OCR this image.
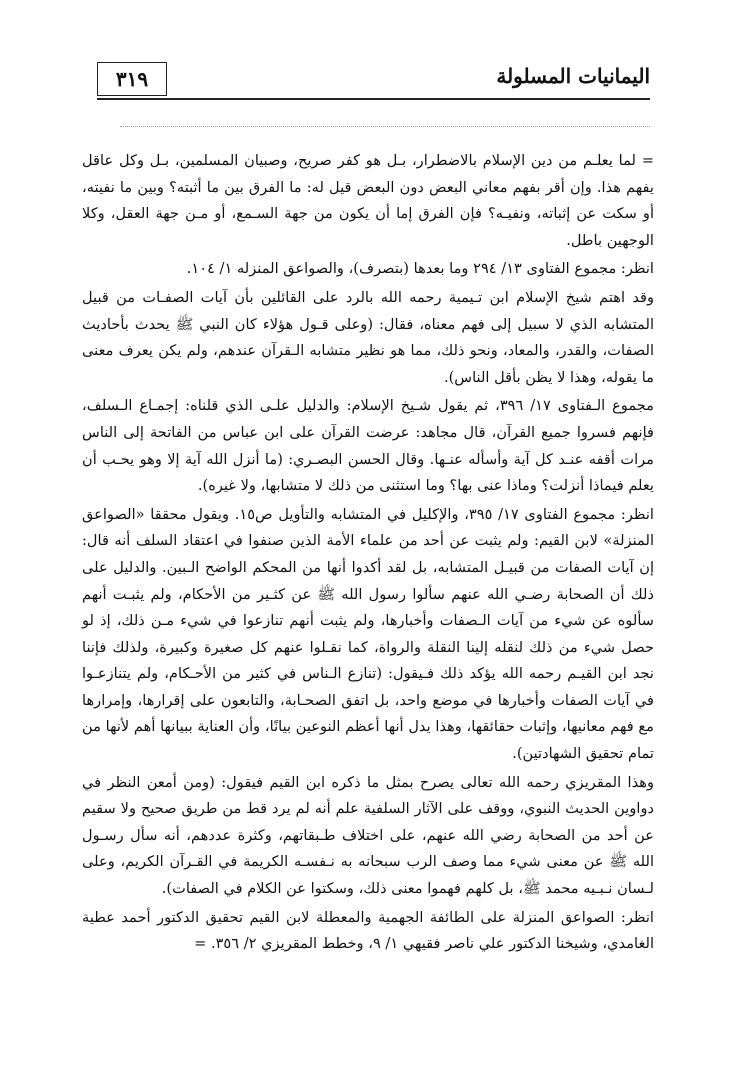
٣١٩	اليمانيات المسلولة

= لما يعلـم من دين الإسلام بالاضطرار، بـل هو كفر صريح، وصبيان المسلمين، بـل وكل عاقل يفهم هذا. وإن أقر بفهم معاني البعض دون البعض قيل له: ما الفرق بين ما أثبته؟ وبين ما نفيته، أو سكت عن إثباته، ونفيـه؟ فإن الفرق إما أن يكون من جهة السـمع، أو مـن جهة العقل، وكلا الوجهين باطل.

انظر: مجموع الفتاوى ١٣/ ٢٩٤ وما بعدها (بتصرف)، والصواعق المنزله ١/ ١٠٤.

وقد اهتم شيخ الإسلام ابن تـيمية رحمه الله بالرد على القائلين بأن آيات الصفـات من قبيل المتشابه الذي لا سبيل إلى فهم معناه، فقال: (وعلى قـول هؤلاء كان النبي ﷺ يحدث بأحاديث الصفات، والقدر، والمعاد، ونحو ذلك، مما هو نظير متشابه الـقرآن عندهم، ولم يكن يعرف معنى ما يقوله، وهذا لا يظن بأقل الناس).

مجموع الـفتاوى ١٧/ ٣٩٦، ثم يقول شـيخ الإسلام: والدليل علـى الذي قلناه: إجمـاع الـسلف، فإنهم فسروا جميع القرآن، قال مجاهد: عرضت القرآن على ابن عباس من الفاتحة إلى الناس مرات أقفه عنـد كل آية وأسأله عنـها. وقال الحسن البصـري: (ما أنزل الله آية إلا وهو يحـب أن يعلم فيماذا أنزلت؟ وماذا عنى بها؟ وما استثنى من ذلك لا متشابها، ولا غيره).

انظر: مجموع الفتاوى ١٧/ ٣٩٥، والإكليل في المتشابه والتأويل ص١٥. ويقول محققا «الصواعق المنزلة» لابن القيم: ولم يثبت عن أحد من علماء الأمة الذين صنفوا في اعتقاد السلف أنه قال: إن آيات الصفات من قبيـل المتشابه، بل لقد أكدوا أنها من المحكم الواضح الـبين. والدليل على ذلك أن الصحابة رضـي الله عنهم سألوا رسول الله ﷺ عن كثـير من الأحكام، ولم يثبـت أنهم سألوه عن شيء من آيات الـصفات وأخبارها، ولم يثبت أنهم تنازعوا في شيء مـن ذلك، إذ لو حصل شيء من ذلك لنقله إلينا النقلة والرواة، كما نقـلوا عنهم كل صغيرة وكبيرة، ولذلك فإننا نجد ابن القيـم رحمه الله يؤكد ذلك فـيقول: (تنازع الـناس في كثير من الأحـكام، ولم يتنازعـوا في آيات الصفات وأخبارها في موضع واحد، بل اتفق الصحـابة، والتابعون على إقرارها، وإمرارها مع فهم معانيها، وإثبات حقائقها، وهذا يدل أنها أعظم النوعين بيانًا، وأن العناية ببيانها أهم لأنها من تمام تحقيق الشهادتين).

وهذا المقريزي رحمه الله تعالى يصرح بمثل ما ذكره ابن القيم فيقول: (ومن أمعن النظر في دواوين الحديث النبوي، ووقف على الآثار السلفية علم أنه لم يرد قط من طريق صحيح ولا سقيم عن أحد من الصحابة رضي الله عنهم، على اختلاف طـبقاتهم، وكثرة عددهم، أنه سأل رسـول الله ﷺ عن معنى شيء مما وصف الرب سبحانه به نـفسـه الكريمة في القـرآن الكريم، وعلى لـسان نـبـيه محمد ﷺ، بل كلهم فهموا معنى ذلك، وسكتوا عن الكلام في الصفات).

انظر: الصواعق المنزلة على الطائفة الجهمية والمعطلة لابن القيم تحقيق الدكتور أحمد عطية الغامدي، وشيخنا الدكتور علي ناصر فقيهي ١/ ٩، وخطط المقريزي ٢/ ٣٥٦. =
